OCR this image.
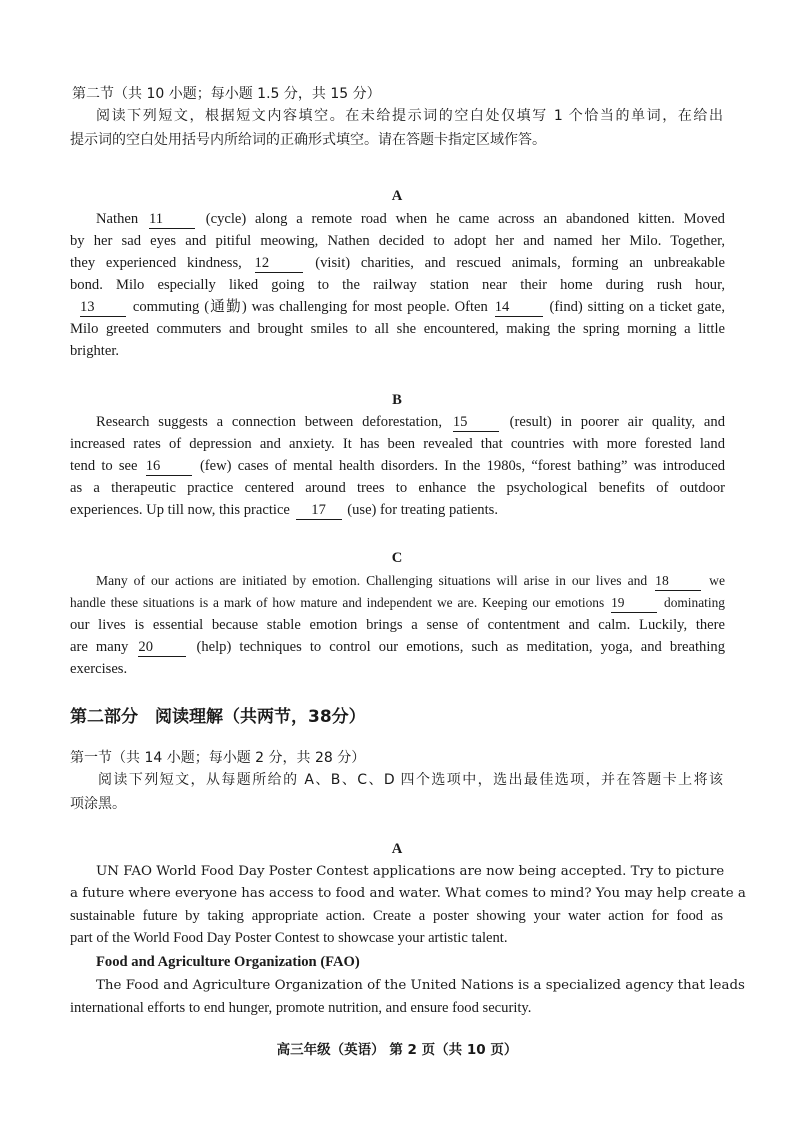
第二节（共 10 小题；每小题 1.5 分，共 15 分）
阅读下列短文，根据短文内容填空。在未给提示词的空白处仅填写 1 个恰当的单词，在给出
提示词的空白处用括号内所给词的正确形式填空。请在答题卡指定区域作答。
A
Nathen 11	(cycle) along a remote road when he came across an abandoned kitten. Moved
by her sad eyes and pitiful meowing, Nathen decided to adopt her and named her Milo. Together,
they experienced kindness, 12	(visit) charities, and rescued animals, forming an unbreakable
bond. Milo especially liked going to the railway station near their home during rush hour,
13	commuting (通勤) was challenging for most people. Often 14	(find) sitting on a ticket gate,
Milo greeted commuters and brought smiles to all she encountered, making the spring morning a little
brighter.
B
Research suggests a connection between deforestation, 15	(result) in poorer air quality, and
increased rates of depression and anxiety. It has been revealed that countries with more forested land
tend to see 16	(few) cases of mental health disorders. In the 1980s, “forest bathing” was introduced
as a therapeutic practice centered around trees to enhance the psychological benefits of outdoor
experiences. Up till now, this practice 17 (use) for treating patients.
C
Many of our actions are initiated by emotion. Challenging situations will arise in our lives and 18	we
handle these situations is a mark of how mature and independent we are. Keeping our emotions 19	dominating
our lives is essential because stable emotion brings a sense of contentment and calm. Luckily, there
are many 20	(help) techniques to control our emotions, such as meditation, yoga, and breathing
exercises.
第二部分　阅读理解（共两节，38分）
第一节（共 14 小题；每小题 2 分，共 28 分）
阅读下列短文，从每题所给的 A、B、C、D 四个选项中，选出最佳选项，并在答题卡上将该
项涂黑。
A
UN FAO World Food Day Poster Contest applications are now being accepted. Try to picture
a future where everyone has access to food and water. What comes to mind? You may help create a
sustainable future by taking appropriate action. Create a poster showing your water action for food as
part of the World Food Day Poster Contest to showcase your artistic talent.
Food and Agriculture Organization (FAO)
The Food and Agriculture Organization of the United Nations is a specialized agency that leads
international efforts to end hunger, promote nutrition, and ensure food security.
高三年级（英语） 第 2 页（共 10 页）
